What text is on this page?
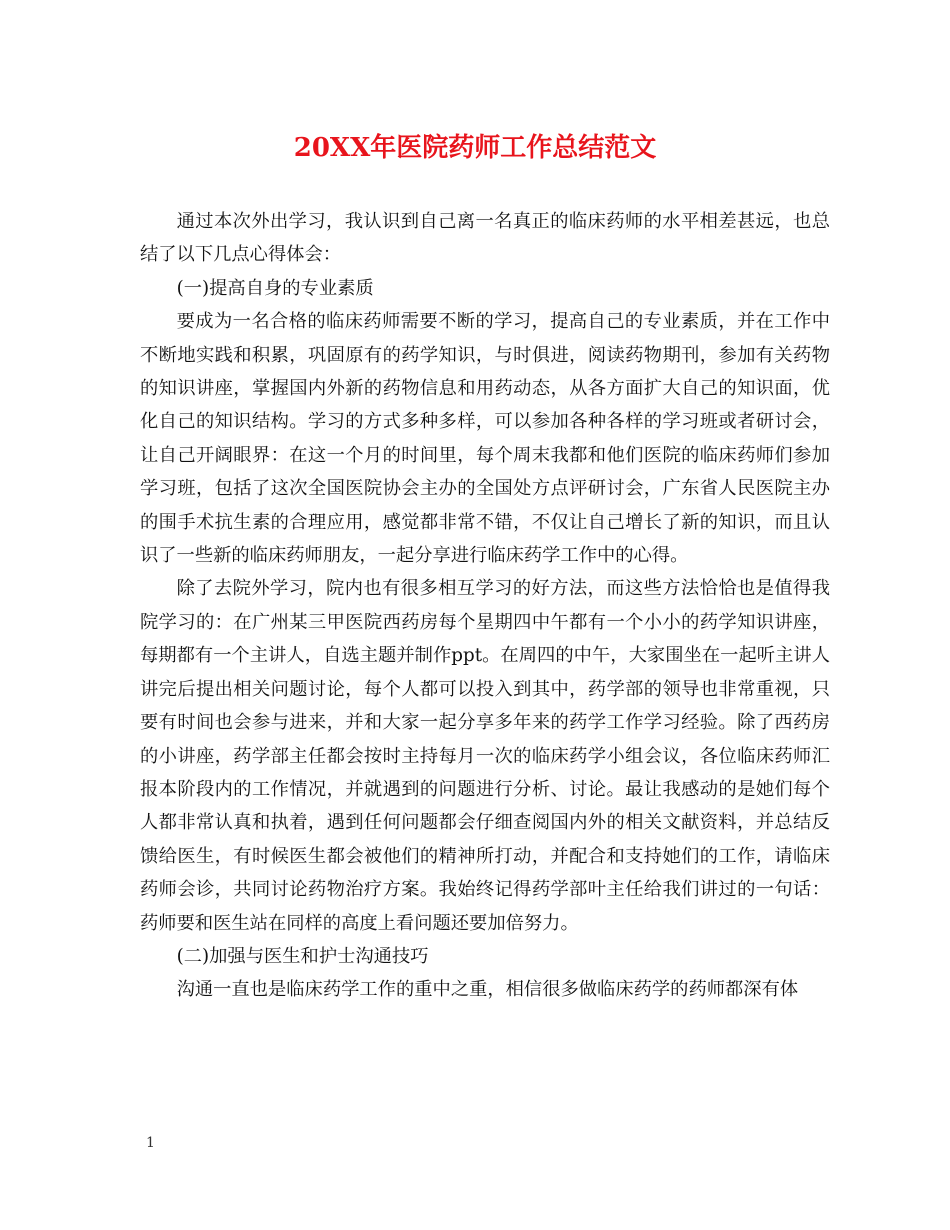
20XX年医院药师工作总结范文

通过本次外出学习，我认识到自己离一名真正的临床药师的水平相差甚远，也总结了以下几点心得体会：

(一)提高自身的专业素质

要成为一名合格的临床药师需要不断的学习，提高自己的专业素质，并在工作中不断地实践和积累，巩固原有的药学知识，与时俱进，阅读药物期刊，参加有关药物的知识讲座，掌握国内外新的药物信息和用药动态，从各方面扩大自己的知识面，优化自己的知识结构。学习的方式多种多样，可以参加各种各样的学习班或者研讨会，让自己开阔眼界：在这一个月的时间里，每个周末我都和他们医院的临床药师们参加学习班，包括了这次全国医院协会主办的全国处方点评研讨会，广东省人民医院主办的围手术抗生素的合理应用，感觉都非常不错，不仅让自己增长了新的知识，而且认识了一些新的临床药师朋友，一起分享进行临床药学工作中的心得。

除了去院外学习，院内也有很多相互学习的好方法，而这些方法恰恰也是值得我院学习的：在广州某三甲医院西药房每个星期四中午都有一个小小的药学知识讲座，每期都有一个主讲人，自选主题并制作ppt。在周四的中午，大家围坐在一起听主讲人讲完后提出相关问题讨论，每个人都可以投入到其中，药学部的领导也非常重视，只要有时间也会参与进来，并和大家一起分享多年来的药学工作学习经验。除了西药房的小讲座，药学部主任都会按时主持每月一次的临床药学小组会议，各位临床药师汇报本阶段内的工作情况，并就遇到的问题进行分析、讨论。最让我感动的是她们每个人都非常认真和执着，遇到任何问题都会仔细查阅国内外的相关文献资料，并总结反馈给医生，有时候医生都会被他们的精神所打动，并配合和支持她们的工作，请临床药师会诊，共同讨论药物治疗方案。我始终记得药学部叶主任给我们讲过的一句话：药师要和医生站在同样的高度上看问题还要加倍努力。

(二)加强与医生和护士沟通技巧

沟通一直也是临床药学工作的重中之重，相信很多做临床药学的药师都深有体

1
